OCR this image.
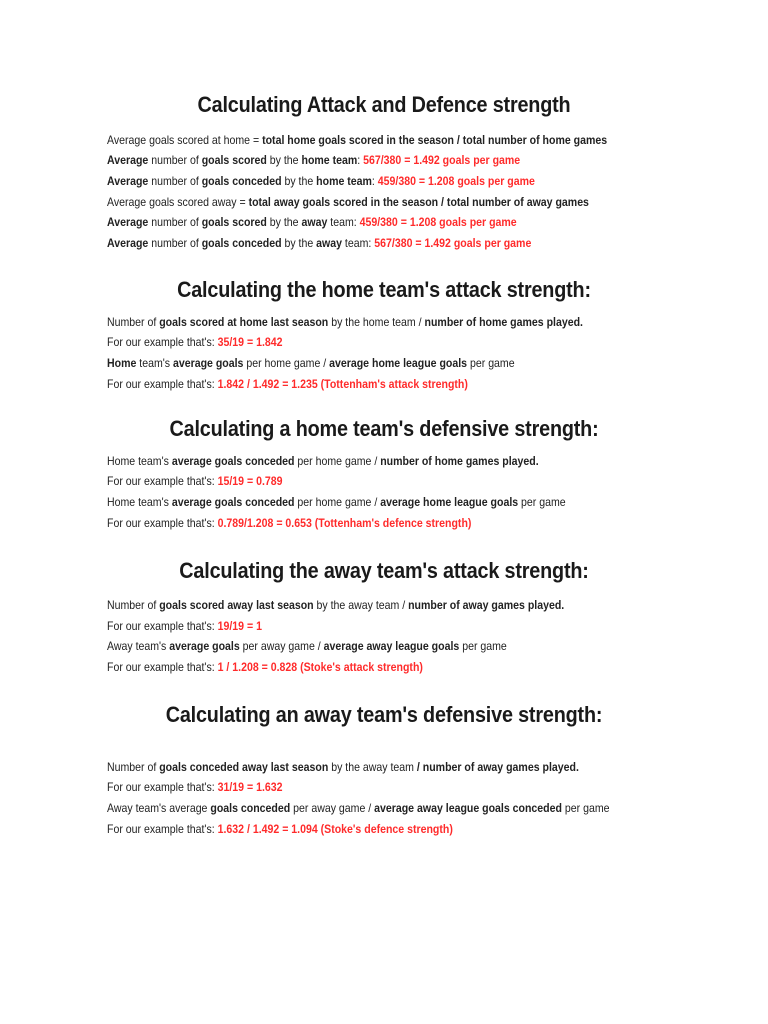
Calculating Attack and Defence strength
Average goals scored at home = total home goals scored in the season / total number of home games
Average number of goals scored by the home team: 567/380 = 1.492 goals per game
Average number of goals conceded by the home team: 459/380 = 1.208 goals per game
Average goals scored away = total away goals scored in the season / total number of away games
Average number of goals scored by the away team: 459/380 = 1.208 goals per game
Average number of goals conceded by the away team: 567/380 = 1.492 goals per game
Calculating the home team's attack strength:
Number of goals scored at home last season by the home team / number of home games played.
For our example that's: 35/19 = 1.842
Home team's average goals per home game / average home league goals per game
For our example that's: 1.842 / 1.492 = 1.235 (Tottenham's attack strength)
Calculating a home team's defensive strength:
Home team's average goals conceded per home game / number of home games played.
For our example that's: 15/19 = 0.789
Home team's average goals conceded per home game / average home league goals per game
For our example that's: 0.789/1.208 = 0.653 (Tottenham's defence strength)
Calculating the away team's attack strength:
Number of goals scored away last season by the away team / number of away games played.
For our example that's: 19/19 = 1
Away team's average goals per away game / average away league goals per game
For our example that's: 1 / 1.208 = 0.828 (Stoke's attack strength)
Calculating an away team's defensive strength:
Number of goals conceded away last season by the away team / number of away games played.
For our example that's: 31/19 = 1.632
Away team's average goals conceded per away game / average away league goals conceded per game
For our example that's: 1.632 / 1.492 = 1.094 (Stoke's defence strength)
